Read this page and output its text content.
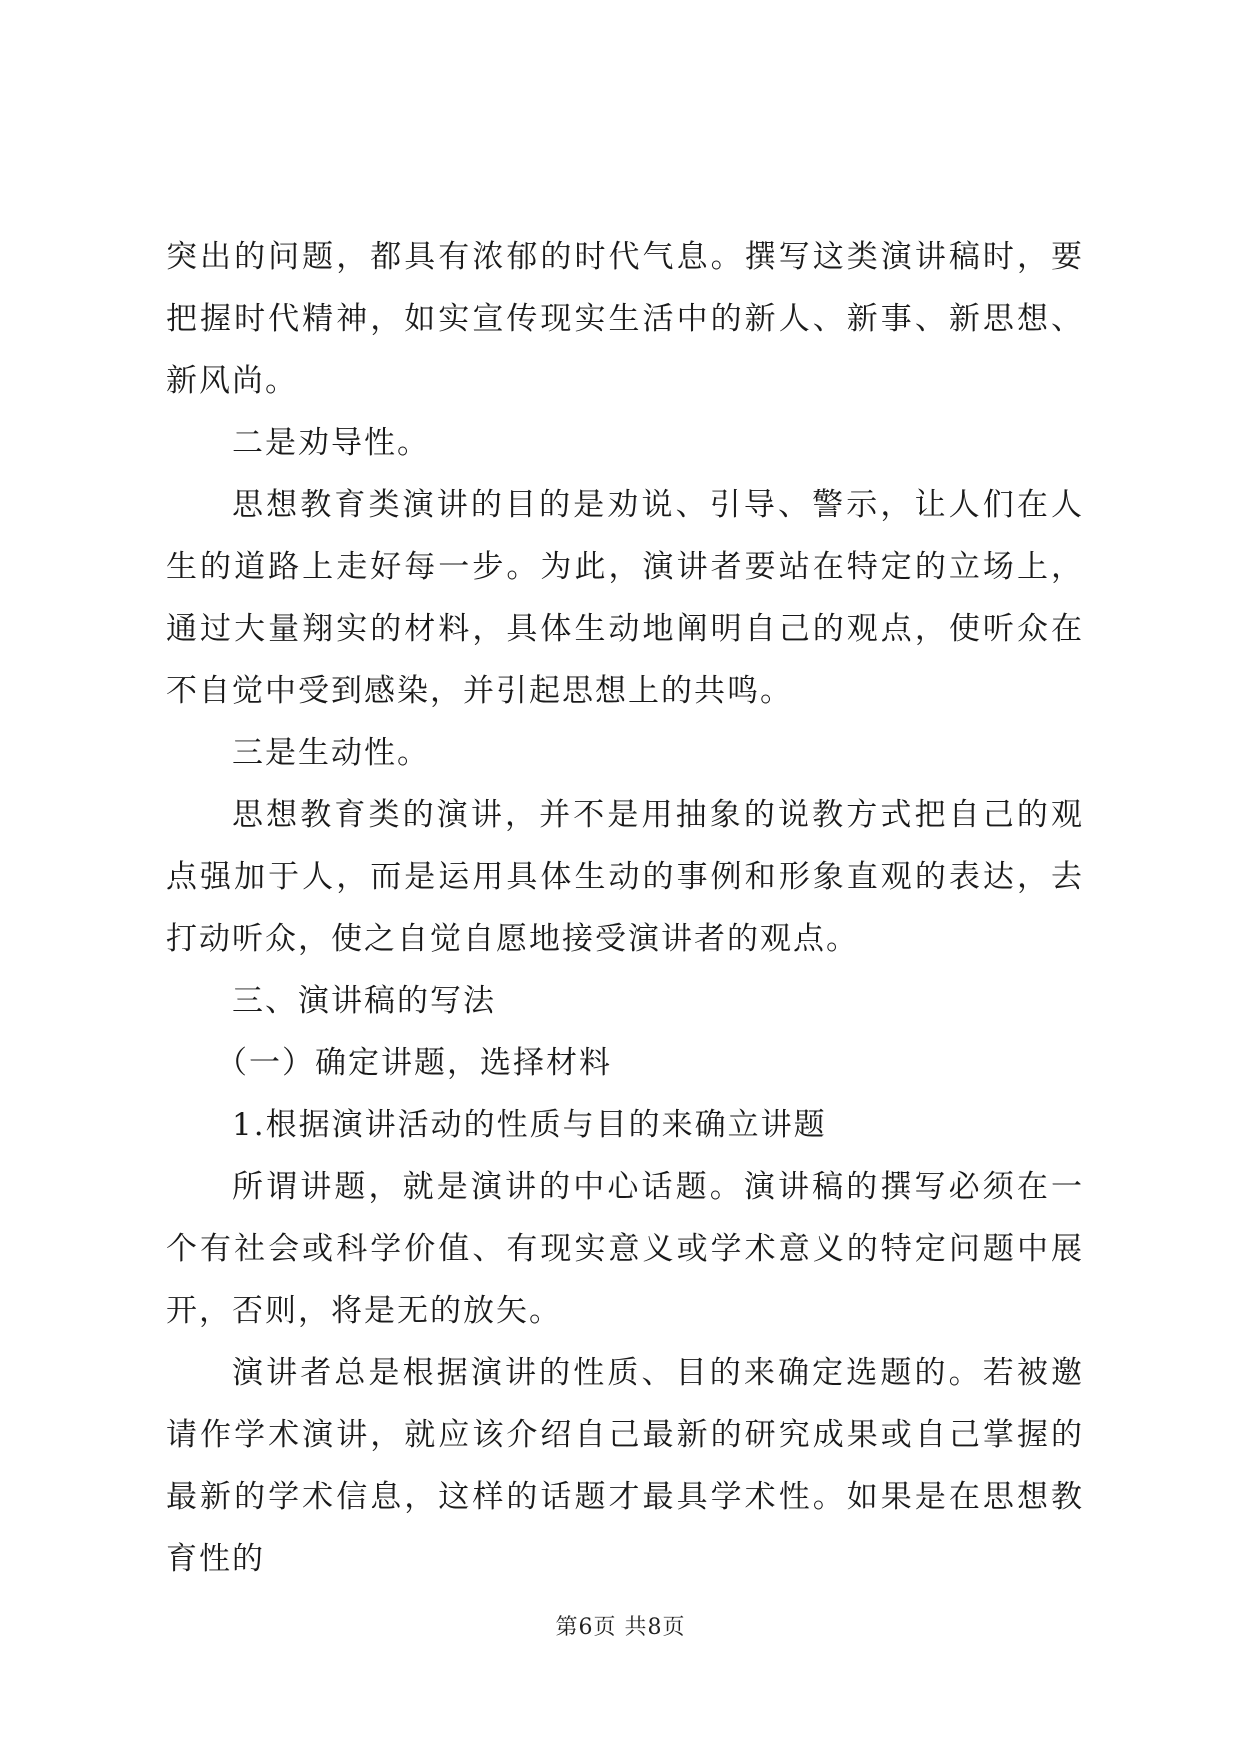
突出的问题，都具有浓郁的时代气息。撰写这类演讲稿时，要把握时代精神，如实宣传现实生活中的新人、新事、新思想、新风尚。

二是劝导性。

思想教育类演讲的目的是劝说、引导、警示，让人们在人生的道路上走好每一步。为此，演讲者要站在特定的立场上，通过大量翔实的材料，具体生动地阐明自己的观点，使听众在不自觉中受到感染，并引起思想上的共鸣。

三是生动性。

思想教育类的演讲，并不是用抽象的说教方式把自己的观点强加于人，而是运用具体生动的事例和形象直观的表达，去打动听众，使之自觉自愿地接受演讲者的观点。

三、演讲稿的写法

（一）确定讲题，选择材料

1.根据演讲活动的性质与目的来确立讲题

所谓讲题，就是演讲的中心话题。演讲稿的撰写必须在一个有社会或科学价值、有现实意义或学术意义的特定问题中展开，否则，将是无的放矢。

演讲者总是根据演讲的性质、目的来确定选题的。若被邀请作学术演讲，就应该介绍自己最新的研究成果或自己掌握的最新的学术信息，这样的话题才最具学术性。如果是在思想教育性的

第6页 共8页
